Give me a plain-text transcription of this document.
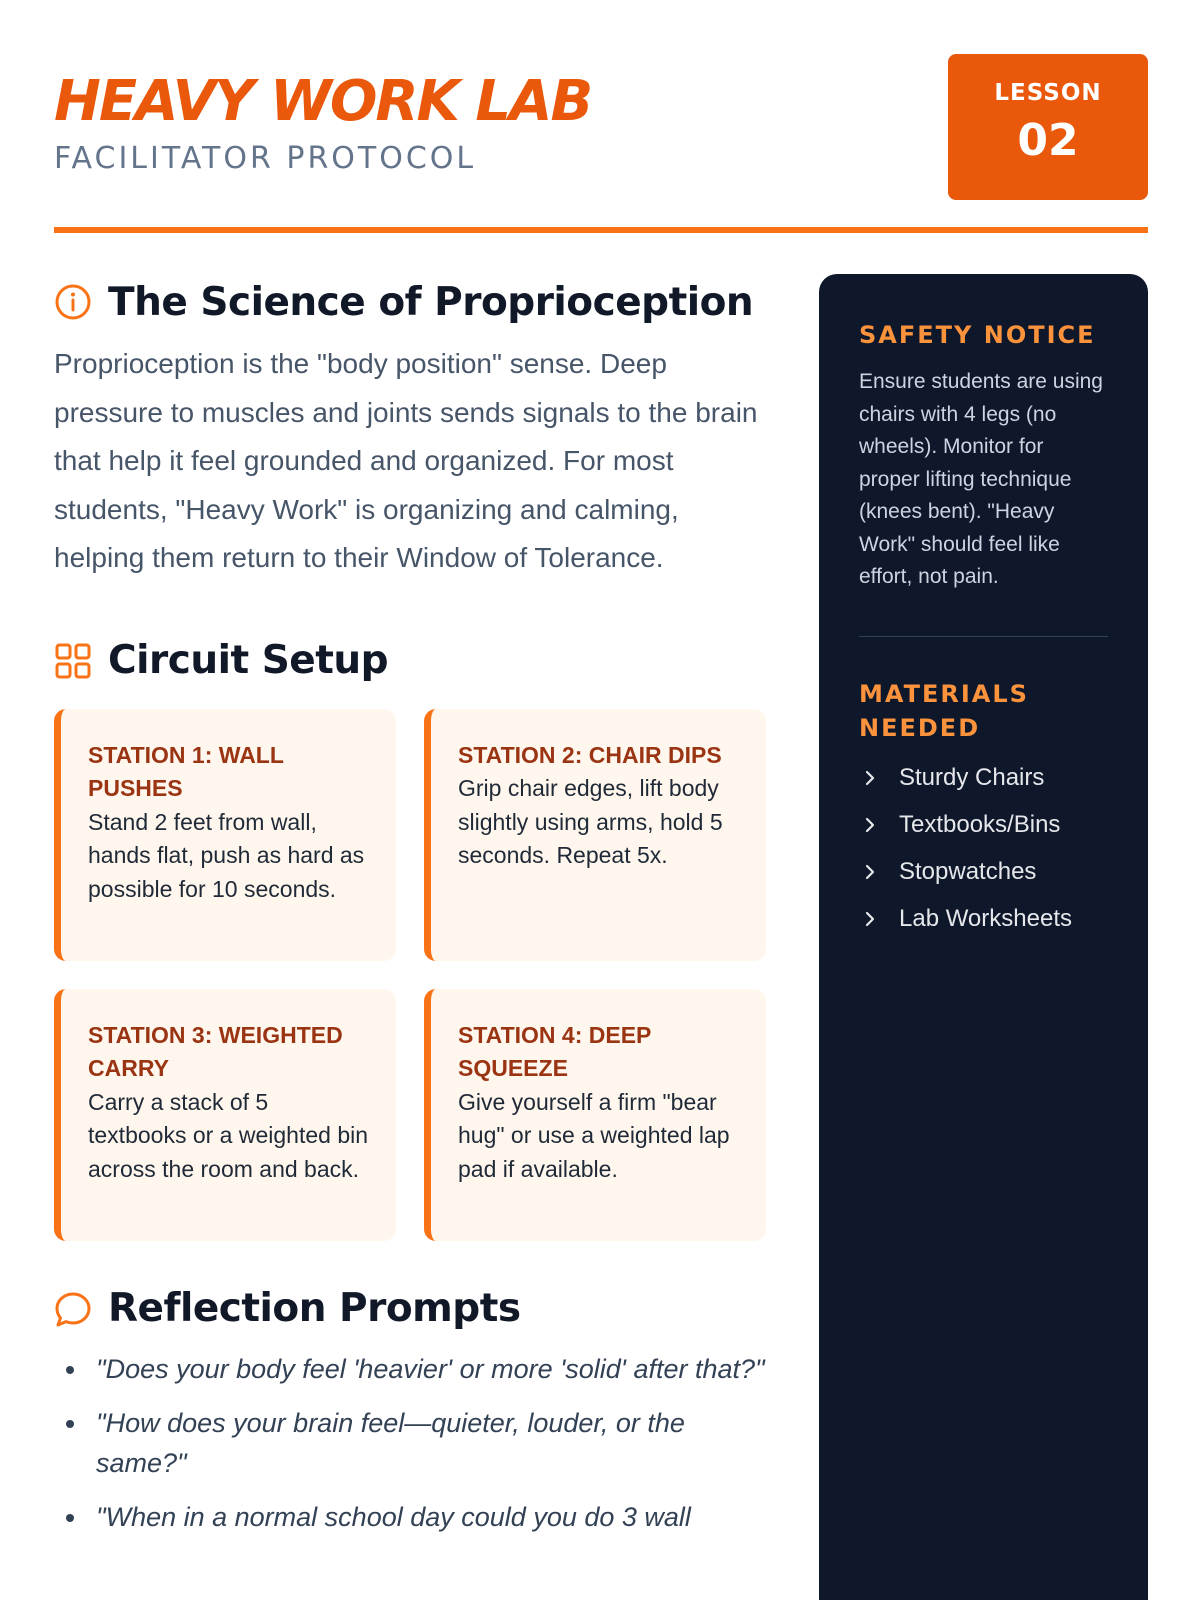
HEAVY WORK LAB
FACILITATOR PROTOCOL
LESSON
02
The Science of Proprioception

Proprioception is the "body position" sense. Deep pressure to muscles and joints sends signals to the brain that help it feel grounded and organized. For most students, "Heavy Work" is organizing and calming, helping them return to their Window of Tolerance.

Circuit Setup
STATION 1: WALL PUSHES
Stand 2 feet from wall, hands flat, push as hard as possible for 10 seconds.
STATION 2: CHAIR DIPS
Grip chair edges, lift body slightly using arms, hold 5 seconds. Repeat 5x.
STATION 3: WEIGHTED CARRY
Carry a stack of 5 textbooks or a weighted bin across the room and back.
STATION 4: DEEP SQUEEZE
Give yourself a firm "bear hug" or use a weighted lap pad if available.
Reflection Prompts
"Does your body feel 'heavier' or more 'solid' after that?"
"How does your brain feel—quieter, louder, or the same?"
"When in a normal school day could you do 3 wall
SAFETY NOTICE

Ensure students are using chairs with 4 legs (no wheels). Monitor for proper lifting technique (knees bent). "Heavy Work" should feel like effort, not pain.

MATERIALS NEEDED
Sturdy Chairs
Textbooks/Bins
Stopwatches
Lab Worksheets
